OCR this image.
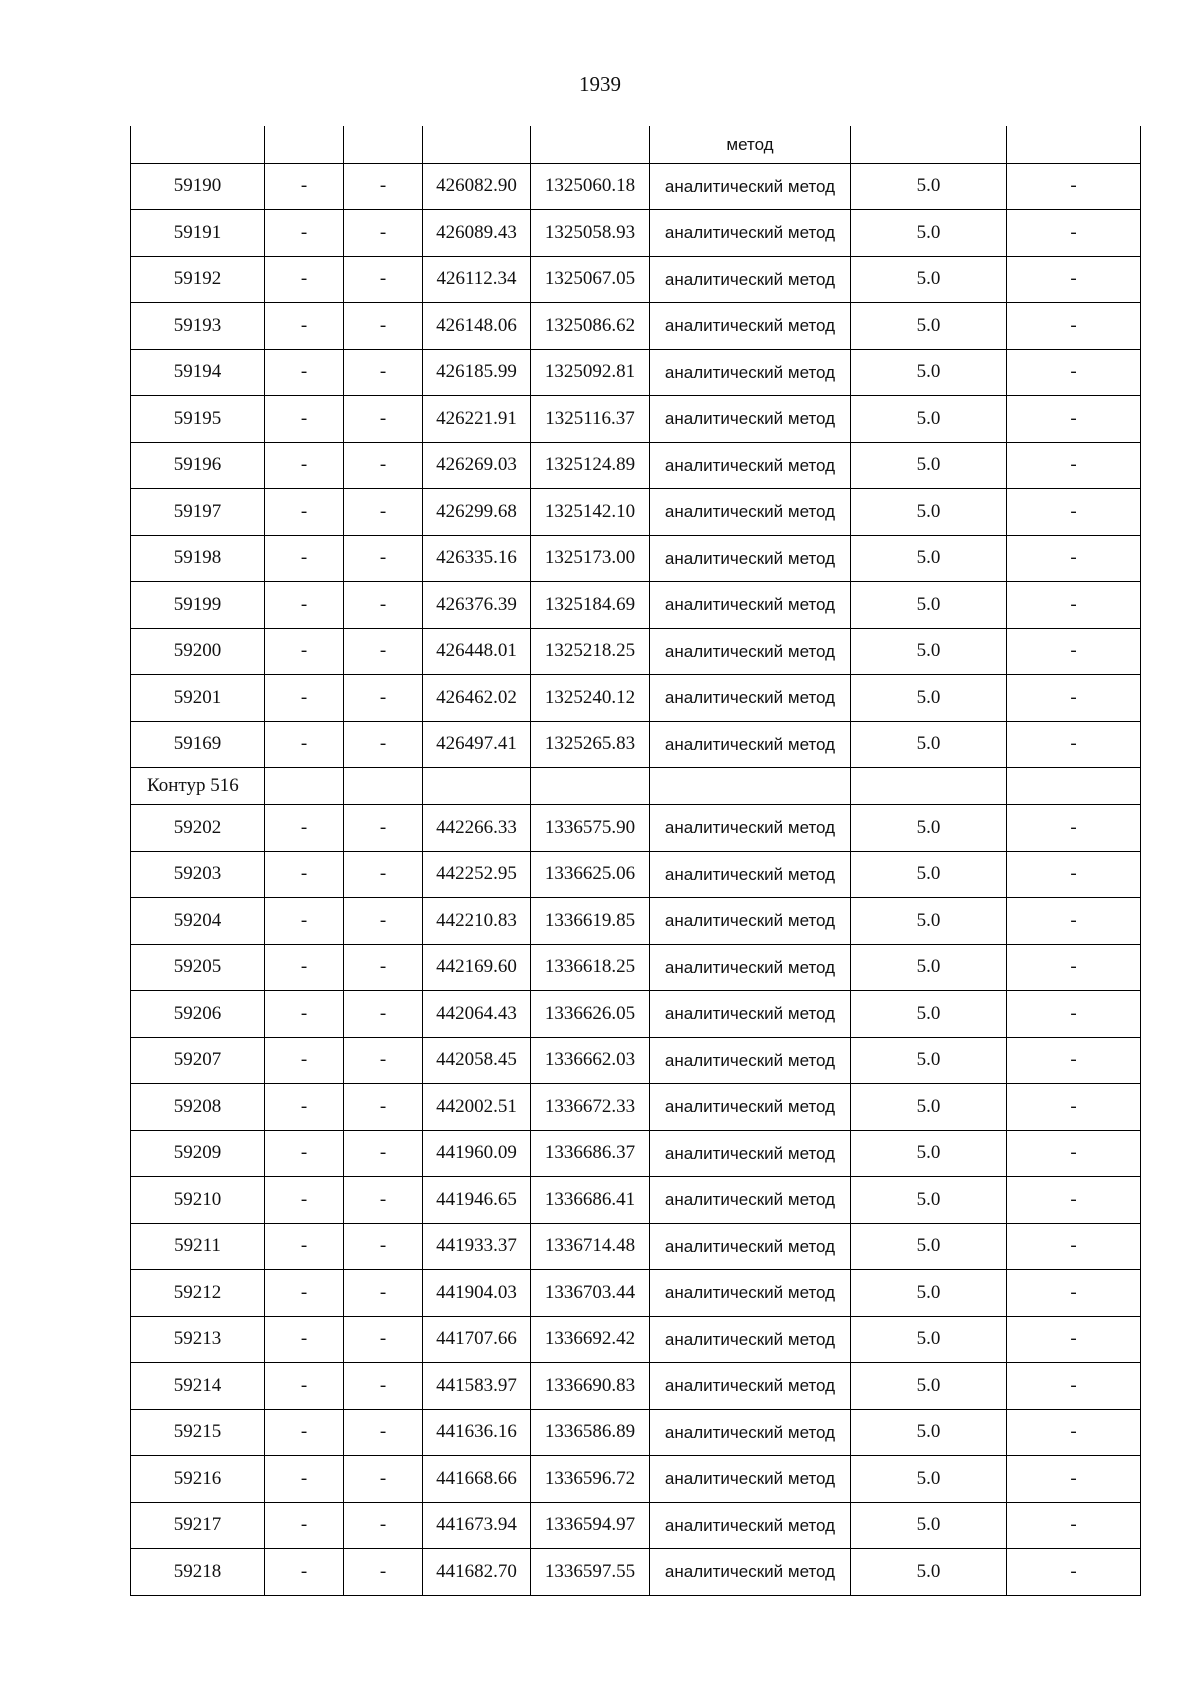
1939
					метод		
59190	-	-	426082.90	1325060.18	аналитический метод	5.0	-
59191	-	-	426089.43	1325058.93	аналитический метод	5.0	-
59192	-	-	426112.34	1325067.05	аналитический метод	5.0	-
59193	-	-	426148.06	1325086.62	аналитический метод	5.0	-
59194	-	-	426185.99	1325092.81	аналитический метод	5.0	-
59195	-	-	426221.91	1325116.37	аналитический метод	5.0	-
59196	-	-	426269.03	1325124.89	аналитический метод	5.0	-
59197	-	-	426299.68	1325142.10	аналитический метод	5.0	-
59198	-	-	426335.16	1325173.00	аналитический метод	5.0	-
59199	-	-	426376.39	1325184.69	аналитический метод	5.0	-
59200	-	-	426448.01	1325218.25	аналитический метод	5.0	-
59201	-	-	426462.02	1325240.12	аналитический метод	5.0	-
59169	-	-	426497.41	1325265.83	аналитический метод	5.0	-
Контур 516							
59202	-	-	442266.33	1336575.90	аналитический метод	5.0	-
59203	-	-	442252.95	1336625.06	аналитический метод	5.0	-
59204	-	-	442210.83	1336619.85	аналитический метод	5.0	-
59205	-	-	442169.60	1336618.25	аналитический метод	5.0	-
59206	-	-	442064.43	1336626.05	аналитический метод	5.0	-
59207	-	-	442058.45	1336662.03	аналитический метод	5.0	-
59208	-	-	442002.51	1336672.33	аналитический метод	5.0	-
59209	-	-	441960.09	1336686.37	аналитический метод	5.0	-
59210	-	-	441946.65	1336686.41	аналитический метод	5.0	-
59211	-	-	441933.37	1336714.48	аналитический метод	5.0	-
59212	-	-	441904.03	1336703.44	аналитический метод	5.0	-
59213	-	-	441707.66	1336692.42	аналитический метод	5.0	-
59214	-	-	441583.97	1336690.83	аналитический метод	5.0	-
59215	-	-	441636.16	1336586.89	аналитический метод	5.0	-
59216	-	-	441668.66	1336596.72	аналитический метод	5.0	-
59217	-	-	441673.94	1336594.97	аналитический метод	5.0	-
59218	-	-	441682.70	1336597.55	аналитический метод	5.0	-
